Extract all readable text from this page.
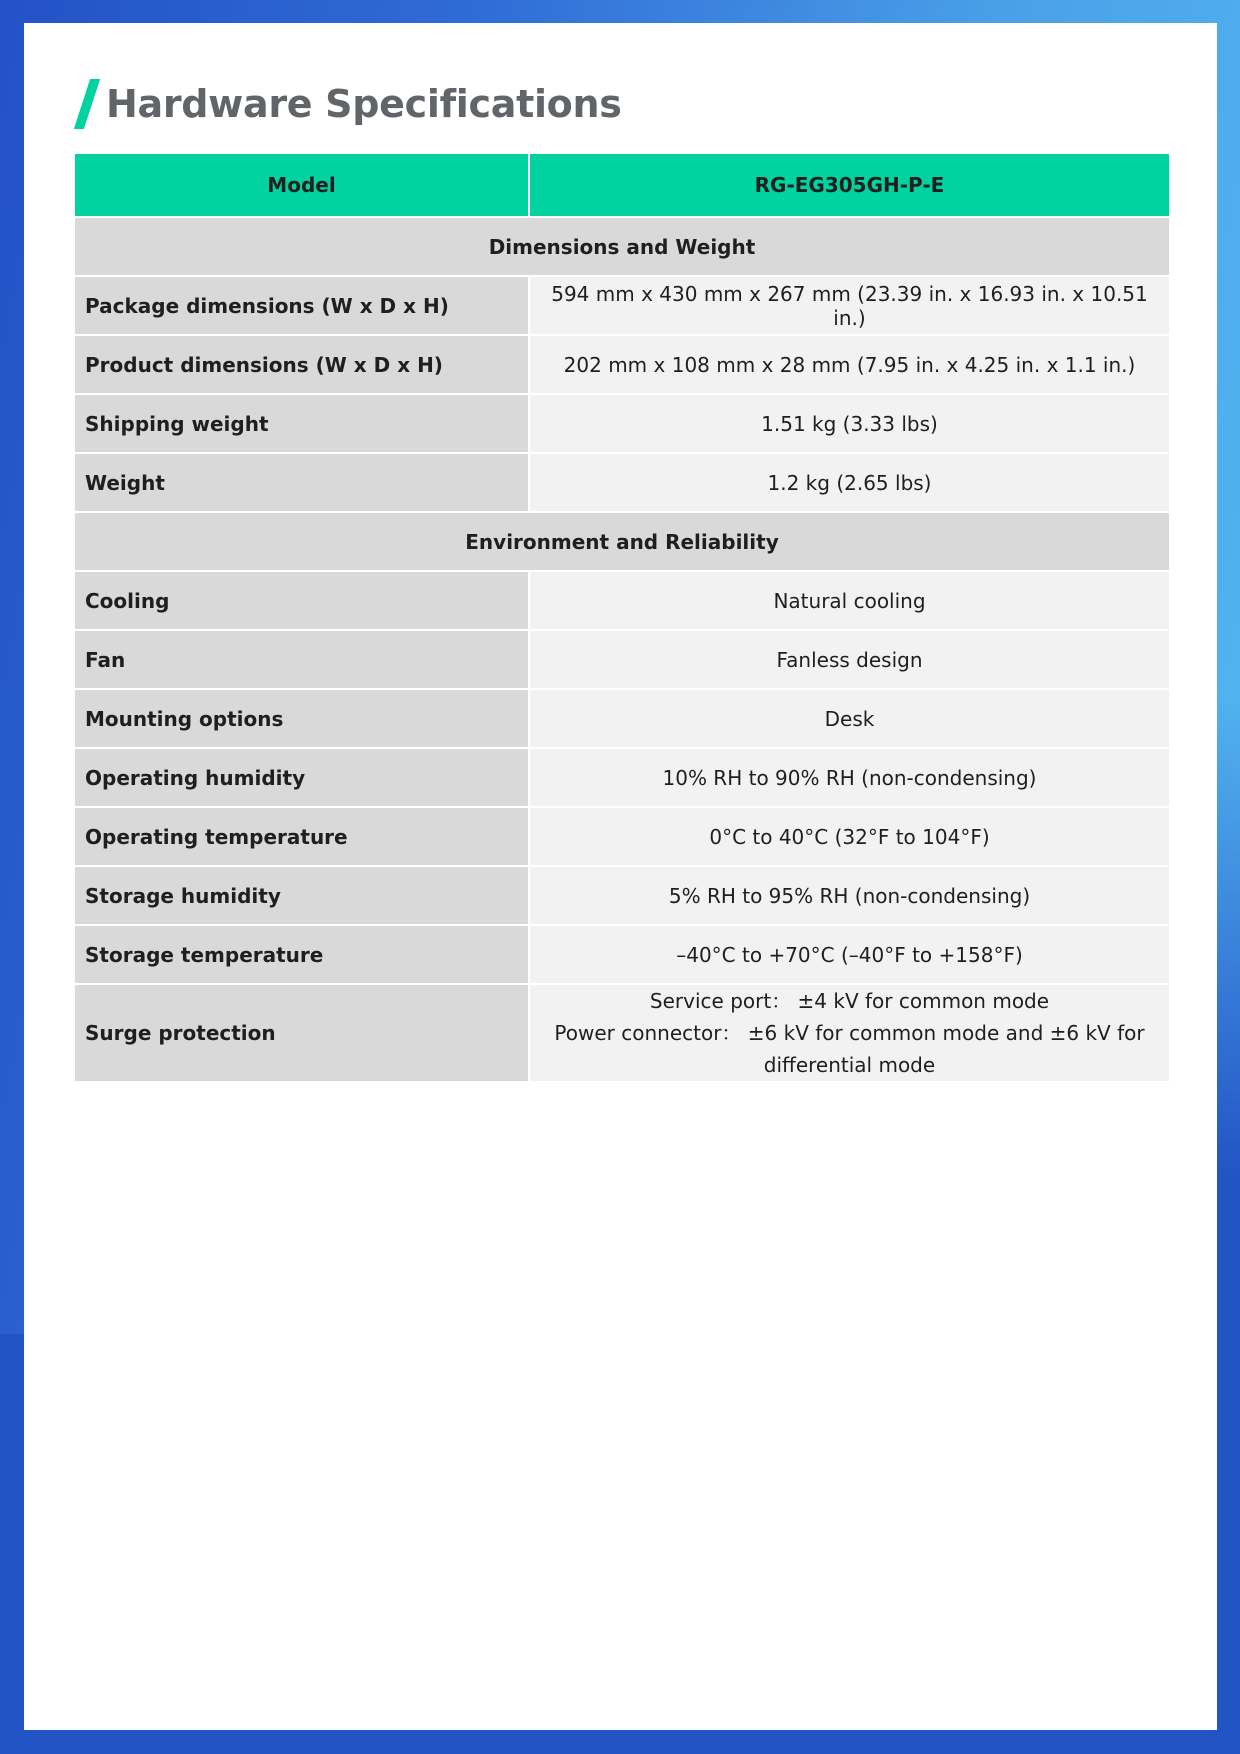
Hardware Specifications
Model	RG-EG305GH-P-E
Dimensions and Weight	
Package dimensions (W x D x H)	594 mm x 430 mm x 267 mm (23.39 in. x 16.93 in. x 10.51 in.)
Product dimensions (W x D x H)	202 mm x 108 mm x 28 mm (7.95 in. x 4.25 in. x 1.1 in.)
Shipping weight	1.51 kg (3.33 lbs)
Weight	1.2 kg (2.65 lbs)
Environment and Reliability	
Cooling	Natural cooling
Fan	Fanless design
Mounting options	Desk
Operating humidity	10% RH to 90% RH (non-condensing)
Operating temperature	0°C to 40°C (32°F to 104°F)
Storage humidity	5% RH to 95% RH (non-condensing)
Storage temperature	–40°C to +70°C (–40°F to +158°F)
Surge protection	Service port： ±4 kV for common mode
Power connector： ±6 kV for common mode and ±6 kV for
differential mode
